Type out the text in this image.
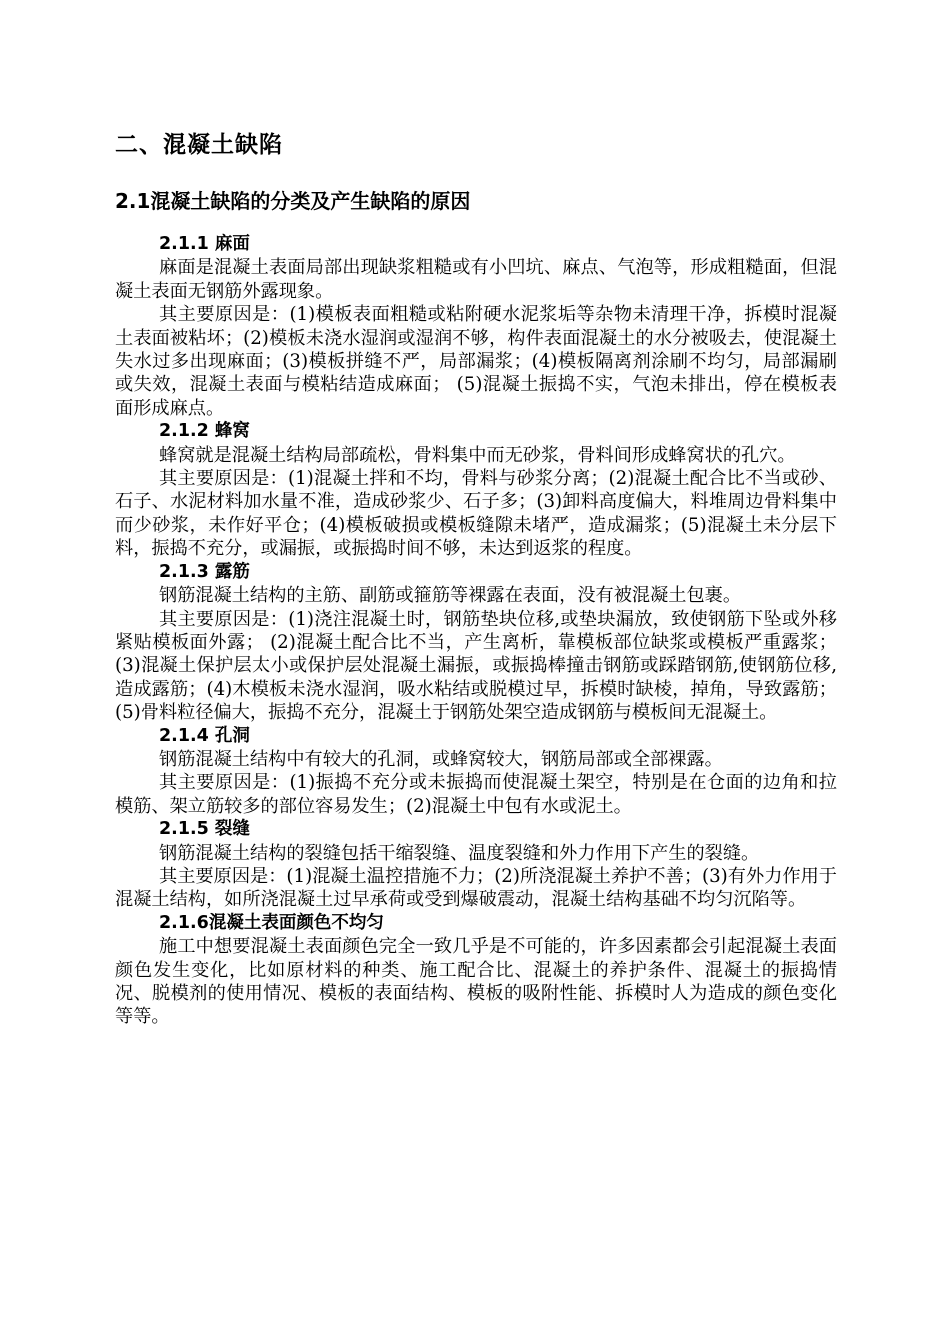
二、混凝土缺陷
2.1混凝土缺陷的分类及产生缺陷的原因
2.1.1 麻面

麻面是混凝土表面局部出现缺浆粗糙或有小凹坑、麻点、气泡等，形成粗糙面，但混凝土表面无钢筋外露现象。

其主要原因是：(1)模板表面粗糙或粘附硬水泥浆垢等杂物未清理干净，拆模时混凝土表面被粘坏；(2)模板未浇水湿润或湿润不够，构件表面混凝土的水分被吸去，使混凝土失水过多出现麻面；(3)模板拼缝不严，局部漏浆；(4)模板隔离剂涂刷不均匀，局部漏刷或失效，混凝土表面与模粘结造成麻面； (5)混凝土振捣不实，气泡未排出，停在模板表面形成麻点。

2.1.2 蜂窝

蜂窝就是混凝土结构局部疏松，骨料集中而无砂浆，骨料间形成蜂窝状的孔穴。

其主要原因是：(1)混凝土拌和不均，骨料与砂浆分离；(2)混凝土配合比不当或砂、石子、水泥材料加水量不准，造成砂浆少、石子多；(3)卸料高度偏大，料堆周边骨料集中而少砂浆，未作好平仓；(4)模板破损或模板缝隙未堵严，造成漏浆；(5)混凝土未分层下料，振捣不充分，或漏振，或振捣时间不够，未达到返浆的程度。

2.1.3 露筋

钢筋混凝土结构的主筋、副筋或箍筋等裸露在表面，没有被混凝土包裹。

其主要原因是：(1)浇注混凝土时，钢筋垫块位移,或垫块漏放，致使钢筋下坠或外移紧贴模板面外露； (2)混凝土配合比不当，产生离析，靠模板部位缺浆或模板严重露浆；(3)混凝土保护层太小或保护层处混凝土漏振，或振捣棒撞击钢筋或踩踏钢筋,使钢筋位移,造成露筋；(4)木模板未浇水湿润，吸水粘结或脱模过早，拆模时缺棱，掉角，导致露筋；(5)骨料粒径偏大，振捣不充分，混凝土于钢筋处架空造成钢筋与模板间无混凝土。

2.1.4 孔洞

钢筋混凝土结构中有较大的孔洞，或蜂窝较大，钢筋局部或全部裸露。

其主要原因是：(1)振捣不充分或未振捣而使混凝土架空，特别是在仓面的边角和拉模筋、架立筋较多的部位容易发生；(2)混凝土中包有水或泥土。

2.1.5 裂缝

钢筋混凝土结构的裂缝包括干缩裂缝、温度裂缝和外力作用下产生的裂缝。

其主要原因是：(1)混凝土温控措施不力；(2)所浇混凝土养护不善；(3)有外力作用于混凝土结构，如所浇混凝土过早承荷或受到爆破震动，混凝土结构基础不均匀沉陷等。

2.1.6混凝土表面颜色不均匀

施工中想要混凝土表面颜色完全一致几乎是不可能的，许多因素都会引起混凝土表面颜色发生变化，比如原材料的种类、施工配合比、混凝土的养护条件、混凝土的振捣情况、脱模剂的使用情况、模板的表面结构、模板的吸附性能、拆模时人为造成的颜色变化等等。
